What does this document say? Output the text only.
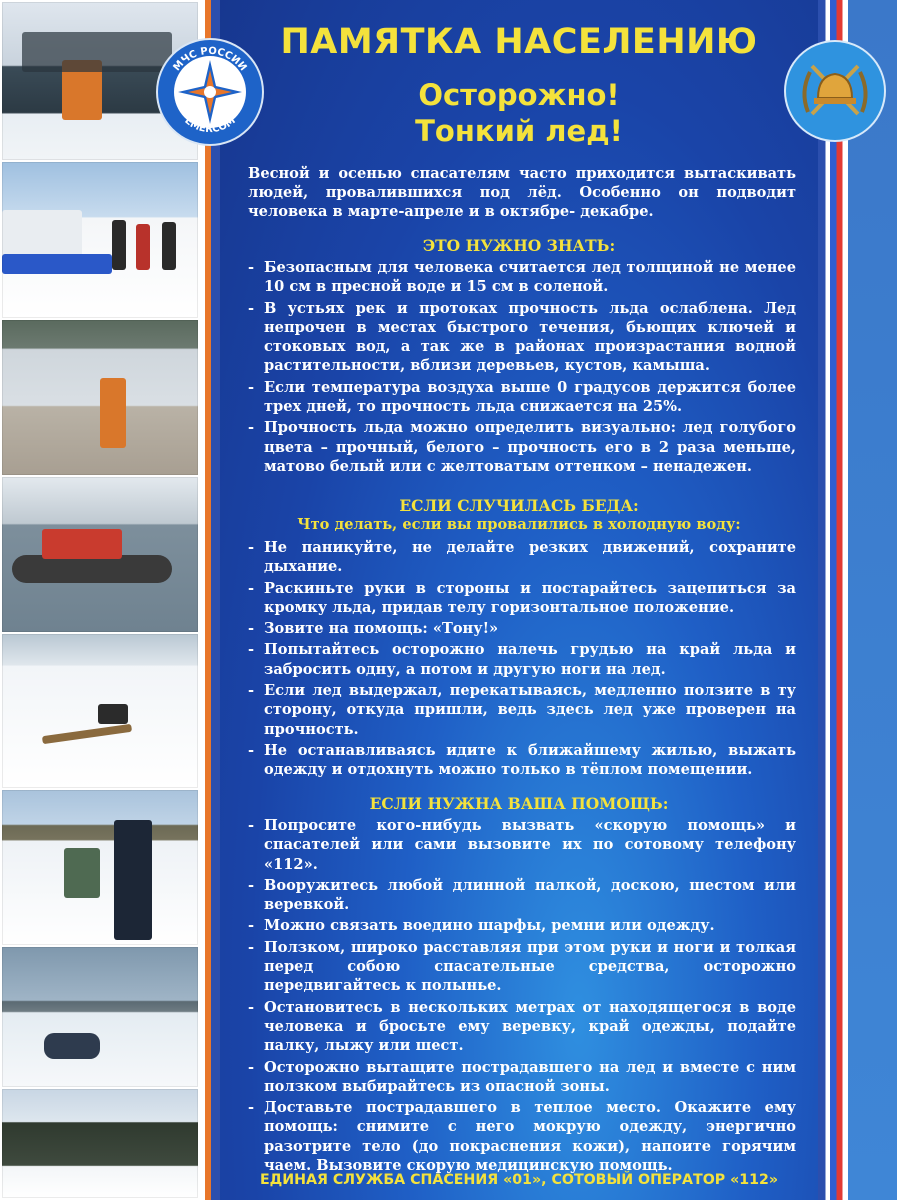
МЧС РОССИИ
EMERCOM
ПАМЯТКА НАСЕЛЕНИЮ
Осторожно!
Тонкий лед!
Весной и осенью спасателям часто приходится вытаскивать людей, провалившихся под лёд. Особенно он подводит человека в марте-апреле и в октябре- декабре.
ЭТО НУЖНО ЗНАТЬ:
- Безопасным для человека считается лед толщиной не менее 10 см в пресной воде и 15 см в соленой.
- В устьях рек и протоках прочность льда ослаблена. Лед непрочен в местах быстрого течения, бьющих ключей и стоковых вод, а так же в районах произрастания водной растительности, вблизи деревьев, кустов, камыша.
- Если температура воздуха выше 0 градусов держится более трех дней, то прочность льда снижается на 25%.
- Прочность льда можно определить визуально: лед голубого цвета – прочный, белого – прочность его в 2 раза меньше, матово белый или с желтоватым оттенком – ненадежен.
ЕСЛИ СЛУЧИЛАСЬ БЕДА:
Что делать, если вы провалились в холодную воду:
- Не паникуйте, не делайте резких движений, сохраните дыхание.
- Раскиньте руки в стороны и постарайтесь зацепиться за кромку льда, придав телу горизонтальное положение.
- Зовите на помощь: «Тону!»
- Попытайтесь осторожно налечь грудью на край льда и забросить одну, а потом и другую ноги на лед.
- Если лед выдержал, перекатываясь, медленно ползите в ту сторону, откуда пришли, ведь здесь лед уже проверен на прочность.
- Не останавливаясь идите к ближайшему жилью, выжать одежду и отдохнуть можно только в тёплом помещении.
ЕСЛИ НУЖНА ВАША ПОМОЩЬ:
- Попросите кого-нибудь вызвать «скорую помощь» и спасателей или сами вызовите их по сотовому телефону «112».
- Вооружитесь любой длинной палкой, доскою, шестом или веревкой.
- Можно связать воедино шарфы, ремни или одежду.
- Ползком, широко расставляя при этом руки и ноги и толкая перед собою спасательные средства, осторожно передвигайтесь к полынье.
- Остановитесь в нескольких метрах от находящегося в воде человека и бросьте ему веревку, край одежды, подайте палку, лыжу или шест.
- Осторожно вытащите пострадавшего на лед и вместе с ним ползком выбирайтесь из опасной зоны.
- Доставьте пострадавшего в теплое место. Окажите ему помощь: снимите с него мокрую одежду, энергично разотрите тело (до покраснения кожи), напоите горячим чаем. Вызовите скорую медицинскую помощь.
ЕДИНАЯ СЛУЖБА СПАСЕНИЯ «01», СОТОВЫЙ ОПЕРАТОР «112»
